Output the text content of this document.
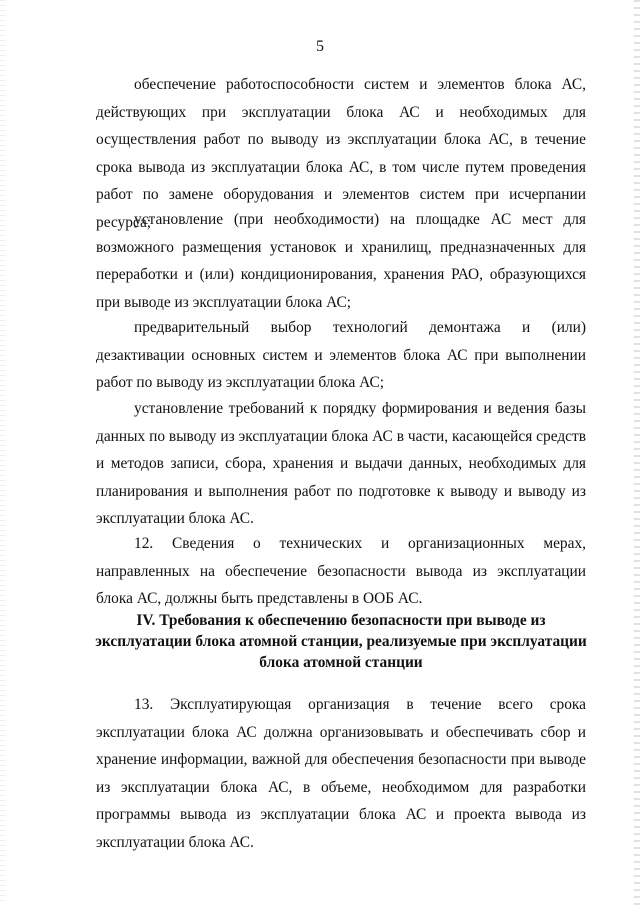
5

обеспечение работоспособности систем и элементов блока АС, действующих при эксплуатации блока АС и необходимых для осуществления работ по выводу из эксплуатации блока АС, в течение срока вывода из эксплуатации блока АС, в том числе путем проведения работ по замене оборудования и элементов систем при исчерпании ресурса;

установление (при необходимости) на площадке АС мест для возможного размещения установок и хранилищ, предназначенных для переработки и (или) кондиционирования, хранения РАО, образующихся при выводе из эксплуатации блока АС;

предварительный выбор технологий демонтажа и (или) дезактивации основных систем и элементов блока АС при выполнении работ по выводу из эксплуатации блока АС;

установление требований к порядку формирования и ведения базы данных по выводу из эксплуатации блока АС в части, касающейся средств и методов записи, сбора, хранения и выдачи данных, необходимых для планирования и выполнения работ по подготовке к выводу и выводу из эксплуатации блока АС.

12. Сведения о технических и организационных мерах, направленных на обеспечение безопасности вывода из эксплуатации блока АС, должны быть представлены в ООБ АС.

IV. Требования к обеспечению безопасности при выводе из эксплуатации блока атомной станции, реализуемые при эксплуатации блока атомной станции

13. Эксплуатирующая организация в течение всего срока эксплуатации блока АС должна организовывать и обеспечивать сбор и хранение информации, важной для обеспечения безопасности при выводе из эксплуатации блока АС, в объеме, необходимом для разработки программы вывода из эксплуатации блока АС и проекта вывода из эксплуатации блока АС.
